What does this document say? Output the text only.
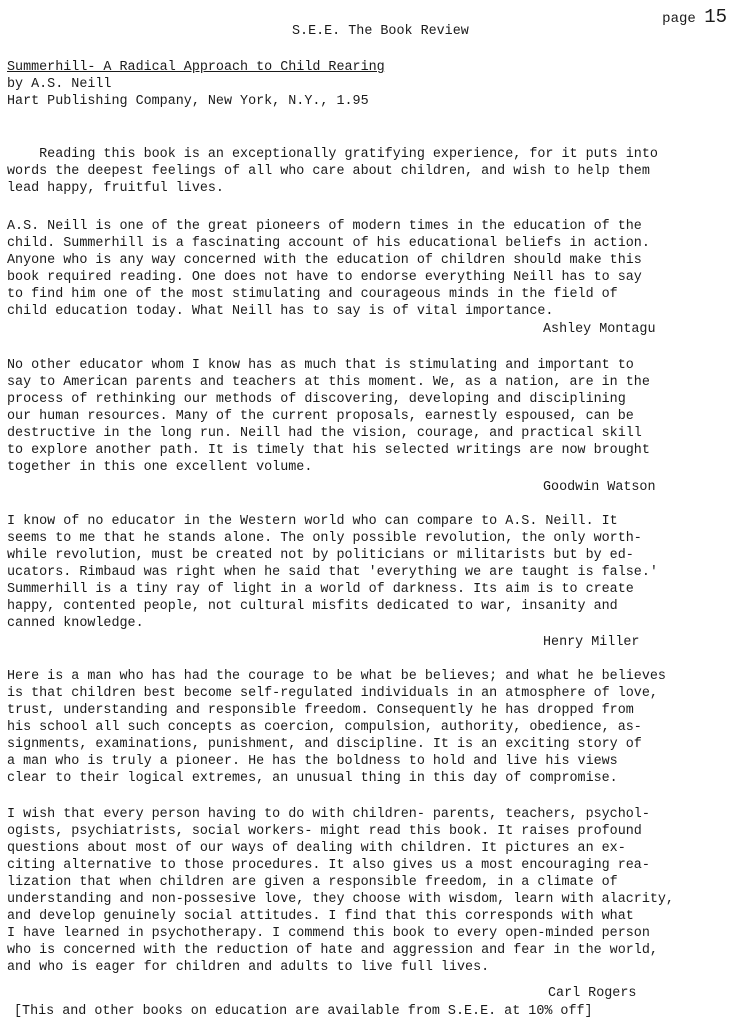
page 15
S.E.E. The Book Review
Summerhill- A Radical Approach to Child Rearing
by A.S. Neill
Hart Publishing Company, New York, N.Y., 1.95
Reading this book is an exceptionally gratifying experience, for it puts into
words the deepest feelings of all who care about children, and wish to help them
lead happy, fruitful lives.
A.S. Neill is one of the great pioneers of modern times in the education of the
child. Summerhill is a fascinating account of his educational beliefs in action.
Anyone who is any way concerned with the education of children should make this
book required reading. One does not have to endorse everything Neill has to say
to find him one of the most stimulating and courageous minds in the field of
child education today. What Neill has to say is of vital importance.
Ashley Montagu
No other educator whom I know has as much that is stimulating and important to
say to American parents and teachers at this moment. We, as a nation, are in the
process of rethinking our methods of discovering, developing and disciplining
our human resources. Many of the current proposals, earnestly espoused, can be
destructive in the long run. Neill had the vision, courage, and practical skill
to explore another path. It is timely that his selected writings are now brought
together in this one excellent volume.
Goodwin Watson
I know of no educator in the Western world who can compare to A.S. Neill. It
seems to me that he stands alone. The only possible revolution, the only worth-
while revolution, must be created not by politicians or militarists but by ed-
ucators. Rimbaud was right when he said that 'everything we are taught is false.'
Summerhill is a tiny ray of light in a world of darkness. Its aim is to create
happy, contented people, not cultural misfits dedicated to war, insanity and
canned knowledge.
Henry Miller
Here is a man who has had the courage to be what be believes; and what he believes
is that children best become self-regulated individuals in an atmosphere of love,
trust, understanding and responsible freedom. Consequently he has dropped from
his school all such concepts as coercion, compulsion, authority, obedience, as-
signments, examinations, punishment, and discipline. It is an exciting story of
a man who is truly a pioneer. He has the boldness to hold and live his views
clear to their logical extremes, an unusual thing in this day of compromise.
I wish that every person having to do with children- parents, teachers, psychol-
ogists, psychiatrists, social workers- might read this book. It raises profound
questions about most of our ways of dealing with children. It pictures an ex-
citing alternative to those procedures. It also gives us a most encouraging rea-
lization that when children are given a responsible freedom, in a climate of
understanding and non-possesive love, they choose with wisdom, learn with alacrity,
and develop genuinely social attitudes. I find that this corresponds with what
I have learned in psychotherapy. I commend this book to every open-minded person
who is concerned with the reduction of hate and aggression and fear in the world,
and who is eager for children and adults to live full lives.
Carl Rogers
[This and other books on education are available from S.E.E. at 10% off]
